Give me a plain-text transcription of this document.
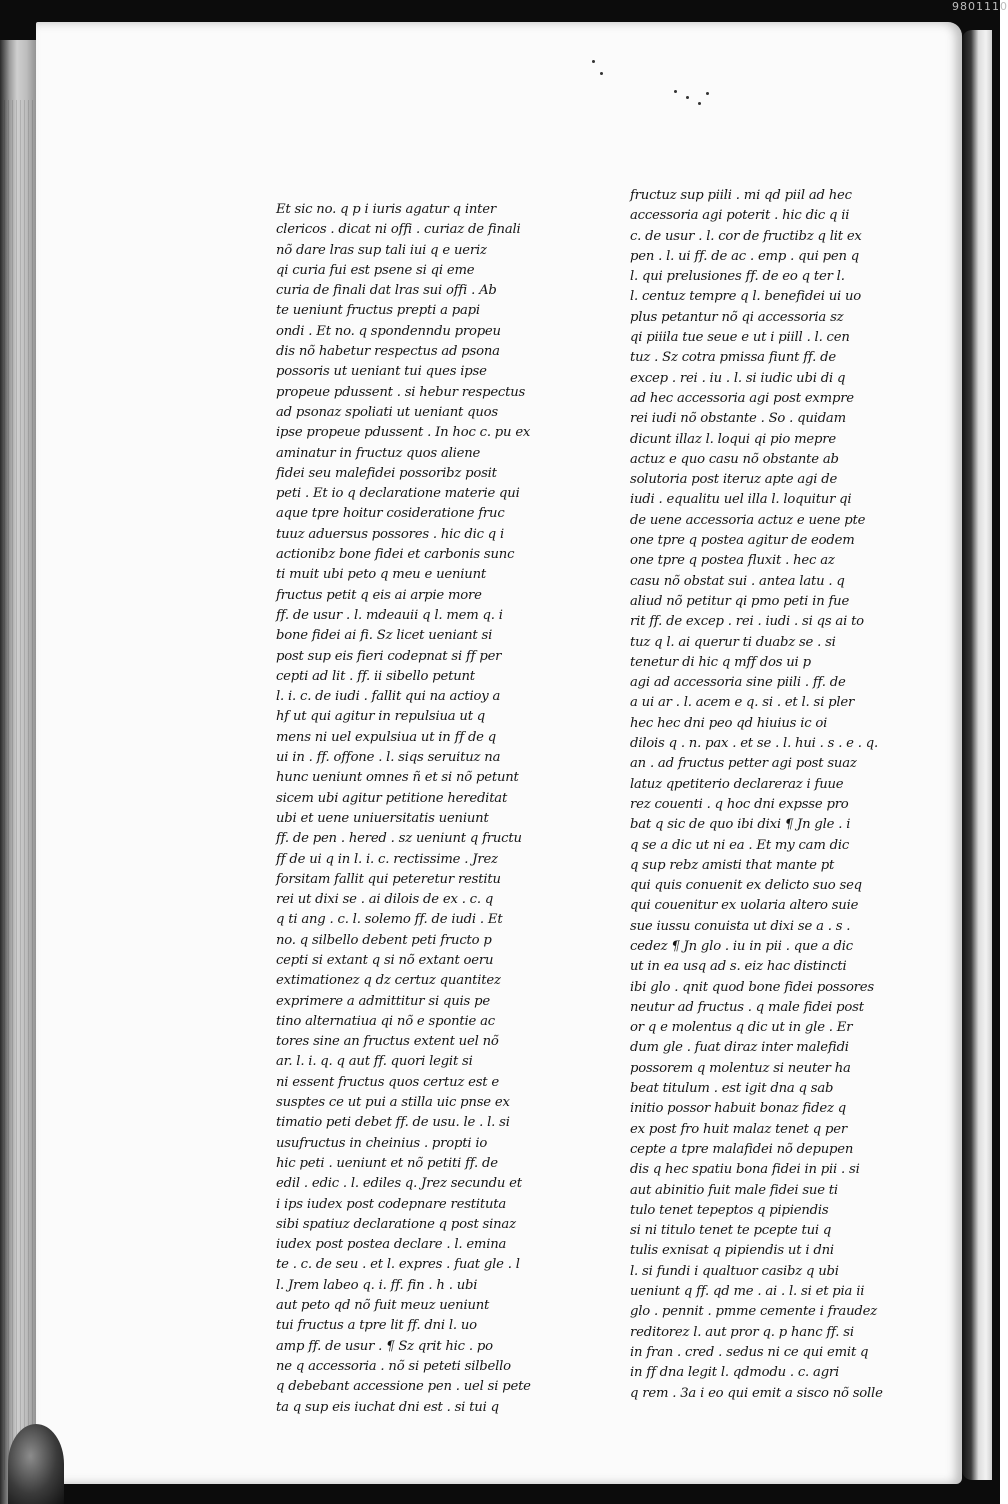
9801110
Et sic no. q p i iuris agatur q inter
clericos . dicat ni offi . curiaz de finali
nõ dare lras sup tali iui q e ueriz
qi curia fui est psene si qi eme
curia de finali dat lras sui offi . Ab
te ueniunt fructus prepti a papi
ondi . Et no. q spondenndu propeu
dis nõ habetur respectus ad psona
possoris ut ueniant tui ques ipse
propeue pdussent . si hebur respectus
ad psonaz spoliati ut ueniant quos
ipse propeue pdussent . In hoc c. pu ex
aminatur in fructuz quos aliene
fidei seu malefidei possoribz posit
peti . Et io q declaratione materie qui
aque tpre hoitur cosideratione fruc
tuuz aduersus possores . hic dic q i
actionibz bone fidei et carbonis sunc
ti muit ubi peto q meu e ueniunt
fructus petit q eis ai arpie more
ff. de usur . l. mdeauii q l. mem q. i
bone fidei ai fi. Sz licet ueniant si
post sup eis fieri codepnat si ff per
cepti ad lit . ff. ii sibello petunt
l. i. c. de iudi . fallit qui na actioy a
hf ut qui agitur in repulsiua ut q
mens ni uel expulsiua ut in ff de q
ui in . ff. offone . l. siqs seruituz na
hunc ueniunt omnes ñ et si nõ petunt
sicem ubi agitur petitione hereditat
ubi et uene uniuersitatis ueniunt
ff. de pen . hered . sz ueniunt q fructu
ff de ui q in l. i. c. rectissime . Jrez
forsitam fallit qui peteretur restitu
rei ut dixi se . ai dilois de ex . c. q
q ti ang . c. l. solemo ff. de iudi . Et
no. q silbello debent peti fructo p
cepti si extant q si nõ extant oeru
extimationez q dz certuz quantitez
exprimere a admittitur si quis pe
tino alternatiua qi nõ e spontie ac
tores sine an fructus extent uel nõ
ar. l. i. q. q aut ff. quori legit si
ni essent fructus quos certuz est e
susptes ce ut pui a stilla uic pnse ex
timatio peti debet ff. de usu. le . l. si
usufructus in cheinius . propti io
hic peti . ueniunt et nõ petiti ff. de
edil . edic . l. ediles q. Jrez secundu et
i ips iudex post codepnare restituta
sibi spatiuz declaratione q post sinaz
iudex post postea declare . l. emina
te . c. de seu . et l. expres . fuat gle . l
l. Jrem labeo q. i. ff. fin . h . ubi
aut peto qd nõ fuit meuz ueniunt
tui fructus a tpre lit ff. dni l. uo
amp ff. de usur . ¶ Sz qrit hic . po
ne q accessoria . nõ si peteti silbello
q debebant accessione pen . uel si pete
ta q sup eis iuchat dni est . si tui q
fructuz sup piili . mi qd piil ad hec
accessoria agi poterit . hic dic q ii
c. de usur . l. cor de fructibz q lit ex
pen . l. ui ff. de ac . emp . qui pen q
l. qui prelusiones ff. de eo q ter l.
l. centuz tempre q l. benefidei ui uo
plus petantur nõ qi accessoria sz
qi piiila tue seue e ut i piill . l. cen
tuz . Sz cotra pmissa fiunt ff. de
excep . rei . iu . l. si iudic ubi di q
ad hec accessoria agi post exmpre
rei iudi nõ obstante . So . quidam
dicunt illaz l. loqui qi pio mepre
actuz e quo casu nõ obstante ab
solutoria post iteruz apte agi de
iudi . equalitu uel illa l. loquitur qi
de uene accessoria actuz e uene pte
one tpre q postea agitur de eodem
one tpre q postea fluxit . hec az
casu nõ obstat sui . antea latu . q
aliud nõ petitur qi pmo peti in fue
rit ff. de excep . rei . iudi . si qs ai to
tuz q l. ai querur ti duabz se . si
tenetur di hic q mff dos ui p
agi ad accessoria sine piili . ff. de
a ui ar . l. acem e q. si . et l. si pler
hec hec dni peo qd hiuius ic oi
dilois q . n. pax . et se . l. hui . s . e . q.
an . ad fructus petter agi post suaz
latuz qpetiterio declareraz i fuue
rez couenti . q hoc dni expsse pro
bat q sic de quo ibi dixi ¶ Jn gle . i
q se a dic ut ni ea . Et my cam dic
q sup rebz amisti that mante pt
qui quis conuenit ex delicto suo seq
qui couenitur ex uolaria altero suie
sue iussu conuista ut dixi se a . s .
cedez ¶ Jn glo . iu in pii . que a dic
ut in ea usq ad s. eiz hac distincti
ibi glo . qnit quod bone fidei possores
neutur ad fructus . q male fidei post
or q e molentus q dic ut in gle . Er
dum gle . fuat diraz inter malefidi
possorem q molentuz si neuter ha
beat titulum . est igit dna q sab
initio possor habuit bonaz fidez q
ex post fro huit malaz tenet q per
cepte a tpre malafidei nõ depupen
dis q hec spatiu bona fidei in pii . si
aut abinitio fuit male fidei sue ti
tulo tenet tepeptos q pipiendis
si ni titulo tenet te pcepte tui q
tulis exnisat q pipiendis ut i dni
l. si fundi i qualtuor casibz q ubi
ueniunt q ff. qd me . ai . l. si et pia ii
glo . pennit . pmme cemente i fraudez
reditorez l. aut pror q. p hanc ff. si
in fran . cred . sedus ni ce qui emit q
in ff dna legit l. qdmodu . c. agri
q rem . 3a i eo qui emit a sisco nõ solle
